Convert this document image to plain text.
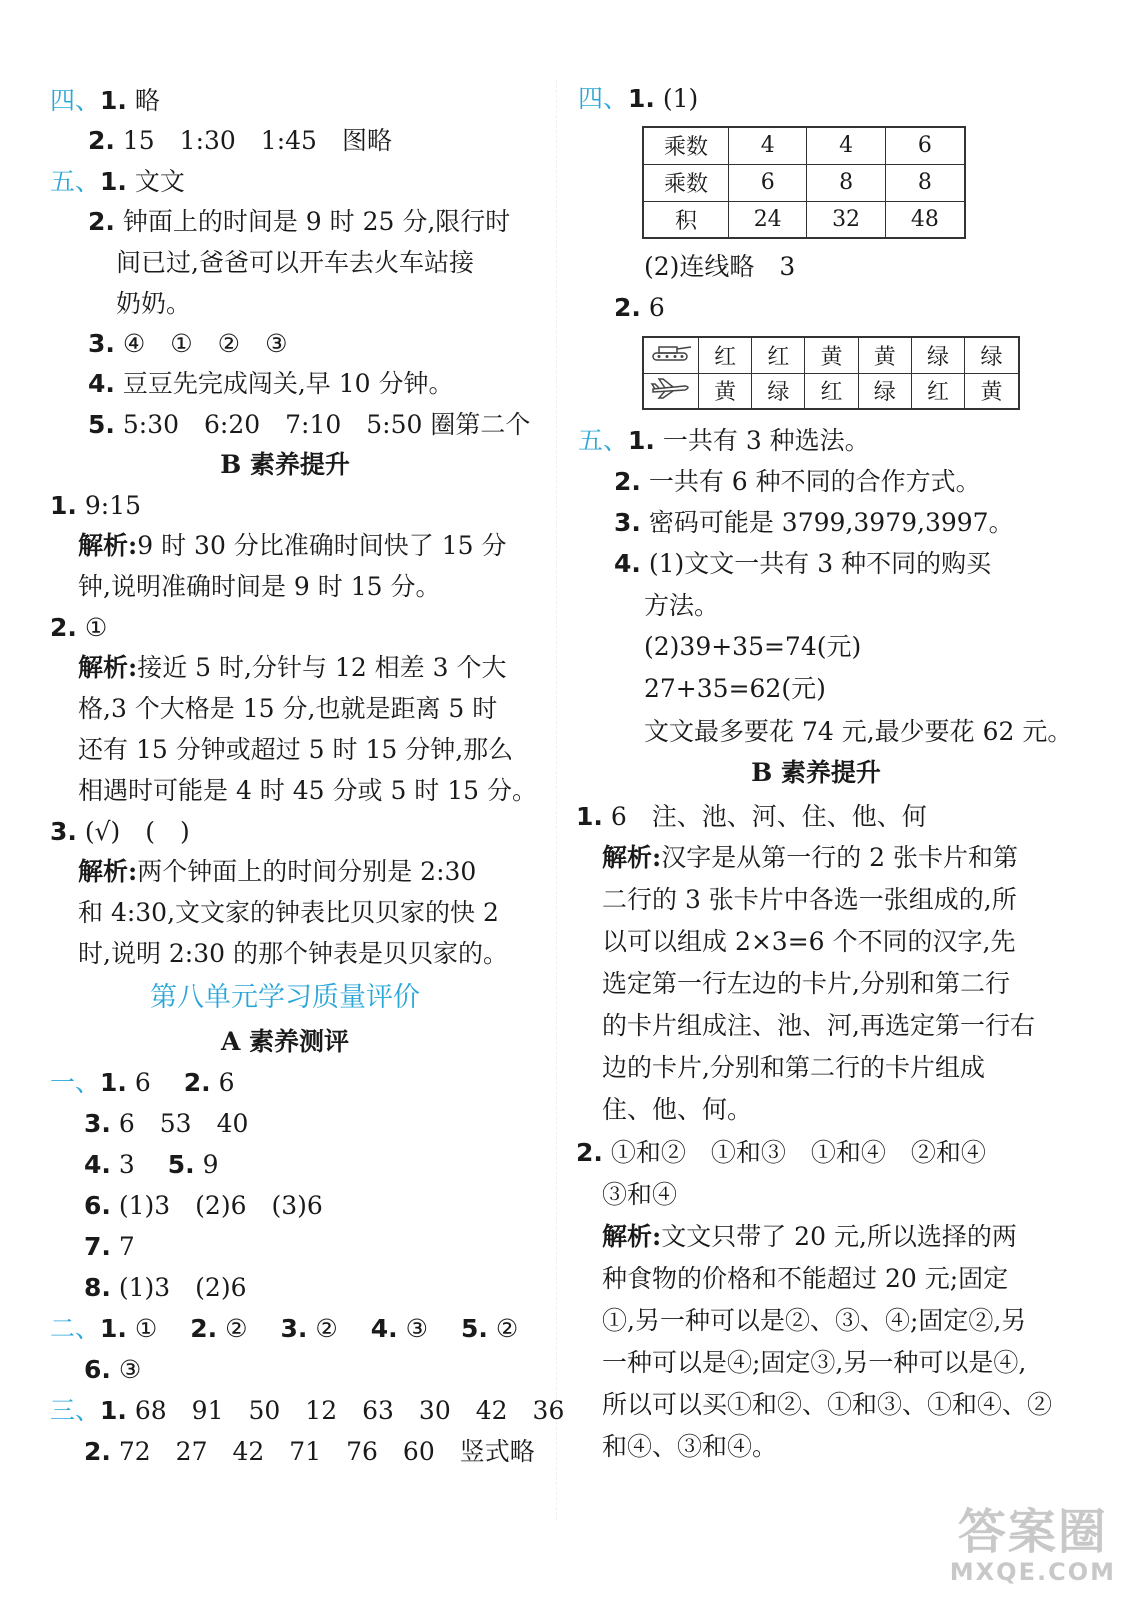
四、1. 略
2. 15　1:30　1:45　图略
五、1. 文文
2. 钟面上的时间是 9 时 25 分,限行时
间已过,爸爸可以开车去火车站接
奶奶。
3. ④　①　②　③
4. 豆豆先完成闯关,早 10 分钟。
5. 5:30　6:20　7:10　5:50 圈第二个
B 素养提升
1. 9:15
解析:9 时 30 分比准确时间快了 15 分
钟,说明准确时间是 9 时 15 分。
2. ①
解析:接近 5 时,分针与 12 相差 3 个大
格,3 个大格是 15 分,也就是距离 5 时
还有 15 分钟或超过 5 时 15 分钟,那么
相遇时可能是 4 时 45 分或 5 时 15 分。
3. (√)　(　)
解析:两个钟面上的时间分别是 2:30
和 4:30,文文家的钟表比贝贝家的快 2
时,说明 2:30 的那个钟表是贝贝家的。
第八单元学习质量评价
A 素养测评
一、1. 6　 2. 6
3. 6　53　40
4. 3　 5. 9
6. (1)3　(2)6　(3)6
7. 7
8. (1)3　(2)6
二、1. ①　 2. ②　 3. ②　 4. ③　 5. ②
6. ③
三、1. 68　91　50　12　63　30　42　36
2. 72　27　42　71　76　60　竖式略
四、1. (1)
乘数	4	4	6
乘数	6	8	8
积	24	32	48
(2)连线略　3
2. 6
	红	红	黄	黄	绿	绿
	黄	绿	红	绿	红	黄
五、1. 一共有 3 种选法。
2. 一共有 6 种不同的合作方式。
3. 密码可能是 3799,3979,3997。
4. (1)文文一共有 3 种不同的购买
方法。
(2)39+35=74(元)
27+35=62(元)
文文最多要花 74 元,最少要花 62 元。
B 素养提升
1. 6　注、池、河、住、他、何
解析:汉字是从第一行的 2 张卡片和第
二行的 3 张卡片中各选一张组成的,所
以可以组成 2×3=6 个不同的汉字,先
选定第一行左边的卡片,分别和第二行
的卡片组成注、池、河,再选定第一行右
边的卡片,分别和第二行的卡片组成
住、他、何。
2. ①和②　①和③　①和④　②和④
③和④
解析:文文只带了 20 元,所以选择的两
种食物的价格和不能超过 20 元;固定
①,另一种可以是②、③、④;固定②,另
一种可以是④;固定③,另一种可以是④,
所以可以买①和②、①和③、①和④、②
和④、③和④。
答案圈
MXQE.COM
